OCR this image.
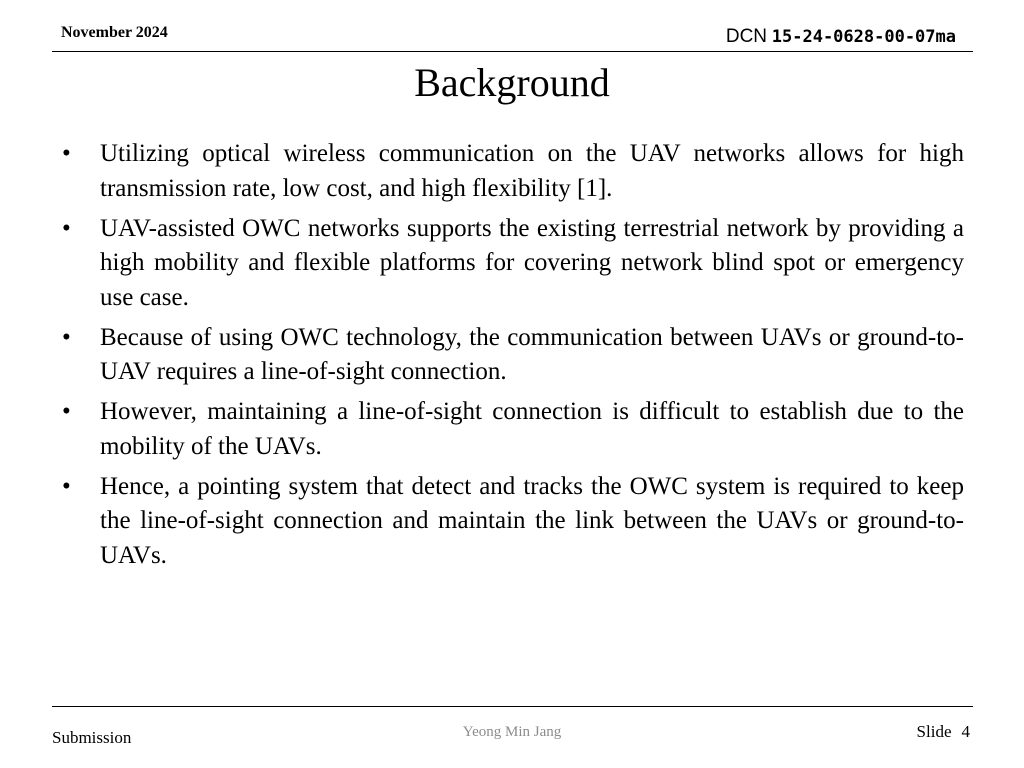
November 2024	DCN 15-24-0628-00-07ma
Background
•	Utilizing optical wireless communication on the UAV networks allows for high transmission rate, low cost, and high flexibility [1].
•	UAV-assisted OWC networks supports the existing terrestrial network by providing a high mobility and flexible platforms for covering network blind spot or emergency use case.
•	Because of using OWC technology, the communication between UAVs or ground-to-UAV requires a line-of-sight connection.
•	However, maintaining a line-of-sight connection is difficult to establish due to the mobility of the UAVs.
•	Hence, a pointing system that detect and tracks the OWC system is required to keep the line-of-sight connection and maintain the link between the UAVs or ground-to-UAVs.
Submission	Yeong Min Jang	Slide 4
